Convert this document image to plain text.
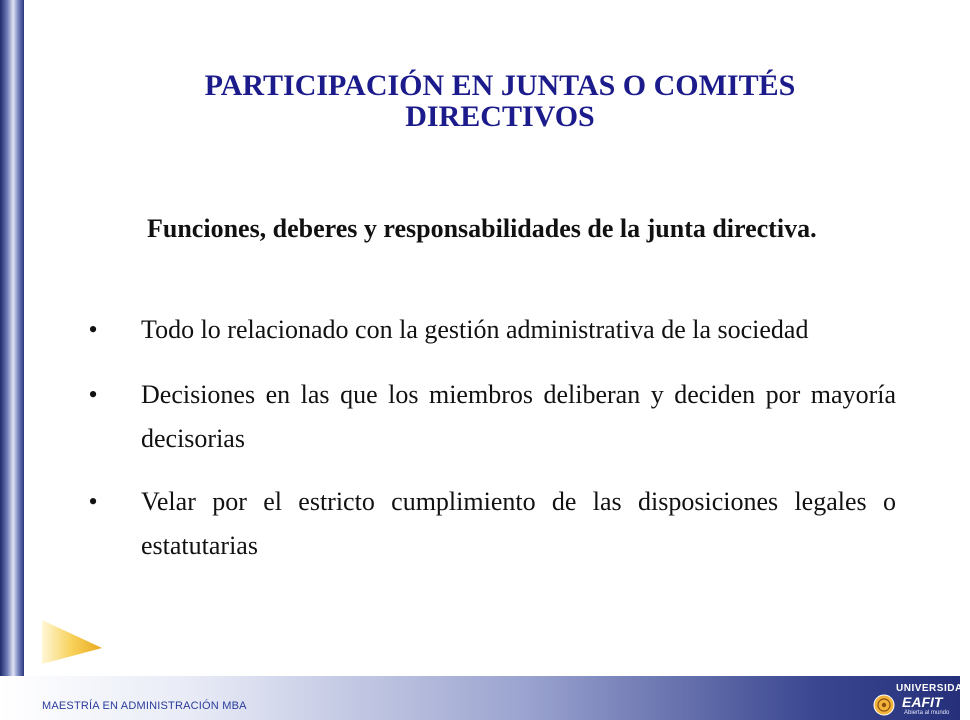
PARTICIPACIÓN EN JUNTAS O COMITÉS DIRECTIVOS
Funciones, deberes y responsabilidades de la junta directiva.
•	Todo lo relacionado con la gestión administrativa de la sociedad
•	Decisiones en las que los miembros deliberan y deciden por mayoría decisorias
•	Velar por el estricto cumplimiento de las disposiciones legales o estatutarias
MAESTRÍA EN ADMINISTRACIÓN MBA
UNIVERSIDAD
EAFIT
Abierta al mundo
